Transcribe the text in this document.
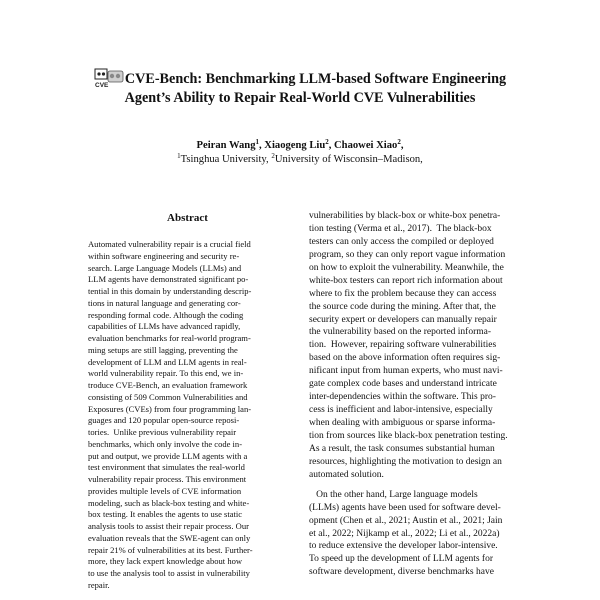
CVE CVE-Bench: Benchmarking LLM-based Software Engineering
Agent’s Ability to Repair Real-World CVE Vulnerabilities
Peiran Wang$^1$, Xiaogeng Liu$^2$, Chaowei Xiao$^2$,
$^1$Tsinghua University, $^2$University of Wisconsin–Madison,
Abstract
Automated vulnerability repair is a crucial field
within software engineering and security re-
search. Large Language Models (LLMs) and
LLM agents have demonstrated significant po-
tential in this domain by understanding descrip-
tions in natural language and generating cor-
responding formal code. Although the coding
capabilities of LLMs have advanced rapidly,
evaluation benchmarks for real-world program-
ming setups are still lagging, preventing the
development of LLM and LLM agents in real-
world vulnerability repair. To this end, we in-
troduce CVE-Bench, an evaluation framework
consisting of 509 Common Vulnerabilities and
Exposures (CVEs) from four programming lan-
guages and 120 popular open-source reposi-
tories.  Unlike previous vulnerability repair
benchmarks, which only involve the code in-
put and output, we provide LLM agents with a
test environment that simulates the real-world
vulnerability repair process. This environment
provides multiple levels of CVE information
modeling, such as black-box testing and white-
box testing. It enables the agents to use static
analysis tools to assist their repair process. Our
evaluation reveals that the SWE-agent can only
repair 21% of vulnerabilities at its best. Further-
more, they lack expert knowledge about how
to use the analysis tool to assist in vulnerability
repair.
vulnerabilities by black-box or white-box penetra-
tion testing (Verma et al., 2017).  The black-box
testers can only access the compiled or deployed
program, so they can only report vague information
on how to exploit the vulnerability. Meanwhile, the
white-box testers can report rich information about
where to fix the problem because they can access
the source code during the mining. After that, the
security expert or developers can manually repair
the vulnerability based on the reported informa-
tion.  However, repairing software vulnerabilities
based on the above information often requires sig-
nificant input from human experts, who must navi-
gate complex code bases and understand intricate
inter-dependencies within the software. This pro-
cess is inefficient and labor-intensive, especially
when dealing with ambiguous or sparse informa-
tion from sources like black-box penetration testing.
As a result, the task consumes substantial human
resources, highlighting the motivation to design an
automated solution.
On the other hand, Large language models
(LLMs) agents have been used for software devel-
opment (Chen et al., 2021; Austin et al., 2021; Jain
et al., 2022; Nijkamp et al., 2022; Li et al., 2022a)
to reduce extensive the developer labor-intensive.
To speed up the development of LLM agents for
software development, diverse benchmarks have
